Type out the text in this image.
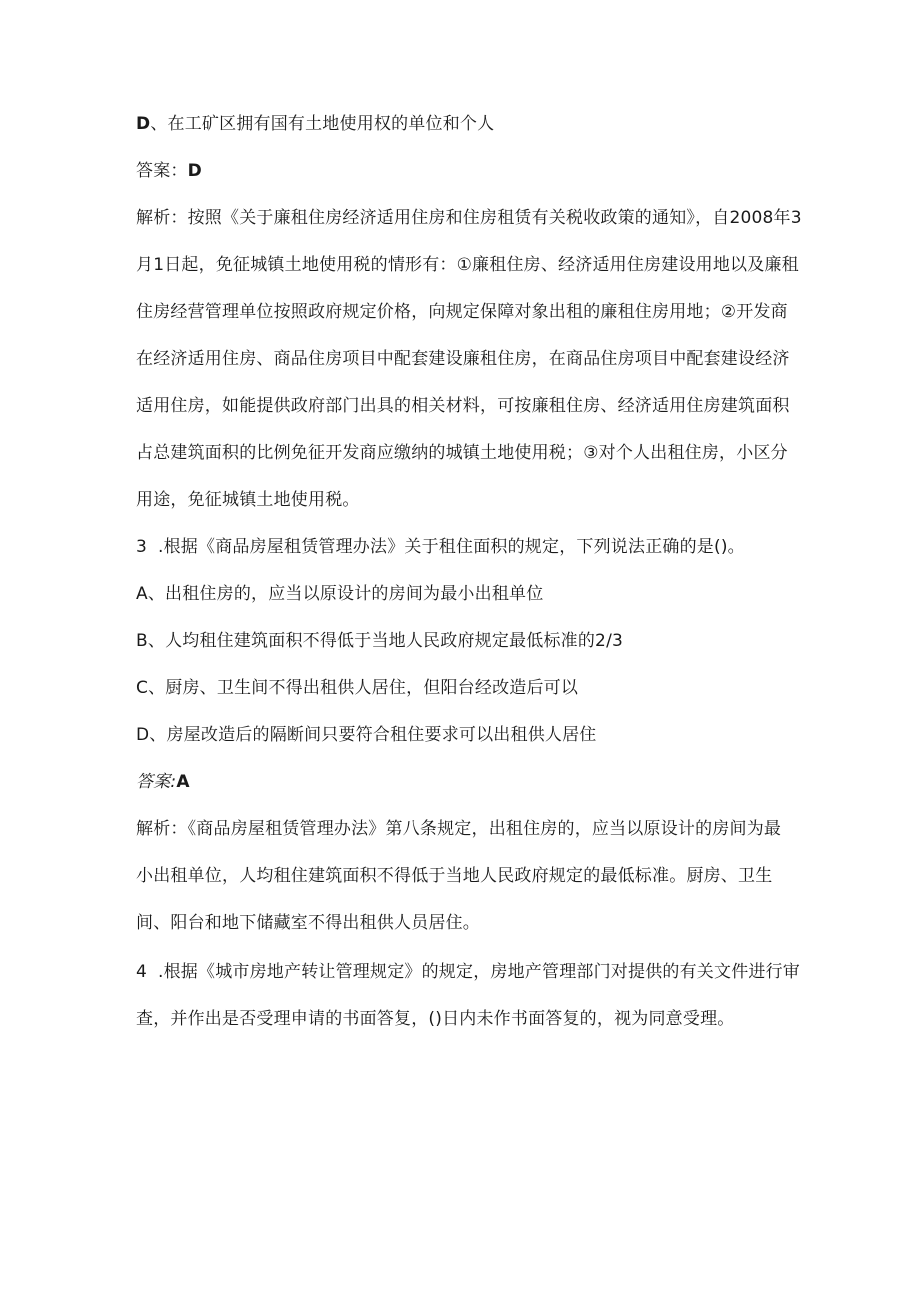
D、在工矿区拥有国有土地使用权的单位和个人
答案：D
解析：按照《关于廉租住房经济适用住房和住房租赁有关税收政策的通知》，自2008年3
月1日起，免征城镇土地使用税的情形有：①廉租住房、经济适用住房建设用地以及廉租
住房经营管理单位按照政府规定价格，向规定保障对象出租的廉租住房用地；②开发商
在经济适用住房、商品住房项目中配套建设廉租住房，在商品住房项目中配套建设经济
适用住房，如能提供政府部门出具的相关材料，可按廉租住房、经济适用住房建筑面积
占总建筑面积的比例免征开发商应缴纳的城镇土地使用税；③对个人出租住房，小区分
用途，免征城镇土地使用税。
3 .根据《商品房屋租赁管理办法》关于租住面积的规定，下列说法正确的是()。
A、出租住房的，应当以原设计的房间为最小出租单位
B、人均租住建筑面积不得低于当地人民政府规定最低标准的2/3
C、厨房、卫生间不得出租供人居住，但阳台经改造后可以
D、房屋改造后的隔断间只要符合租住要求可以出租供人居住
答案:A
解析：《商品房屋租赁管理办法》第八条规定，出租住房的，应当以原设计的房间为最
小出租单位，人均租住建筑面积不得低于当地人民政府规定的最低标准。厨房、卫生
间、阳台和地下储藏室不得出租供人员居住。
4 .根据《城市房地产转让管理规定》的规定，房地产管理部门对提供的有关文件进行审
查，并作出是否受理申请的书面答复，()日内未作书面答复的，视为同意受理。
